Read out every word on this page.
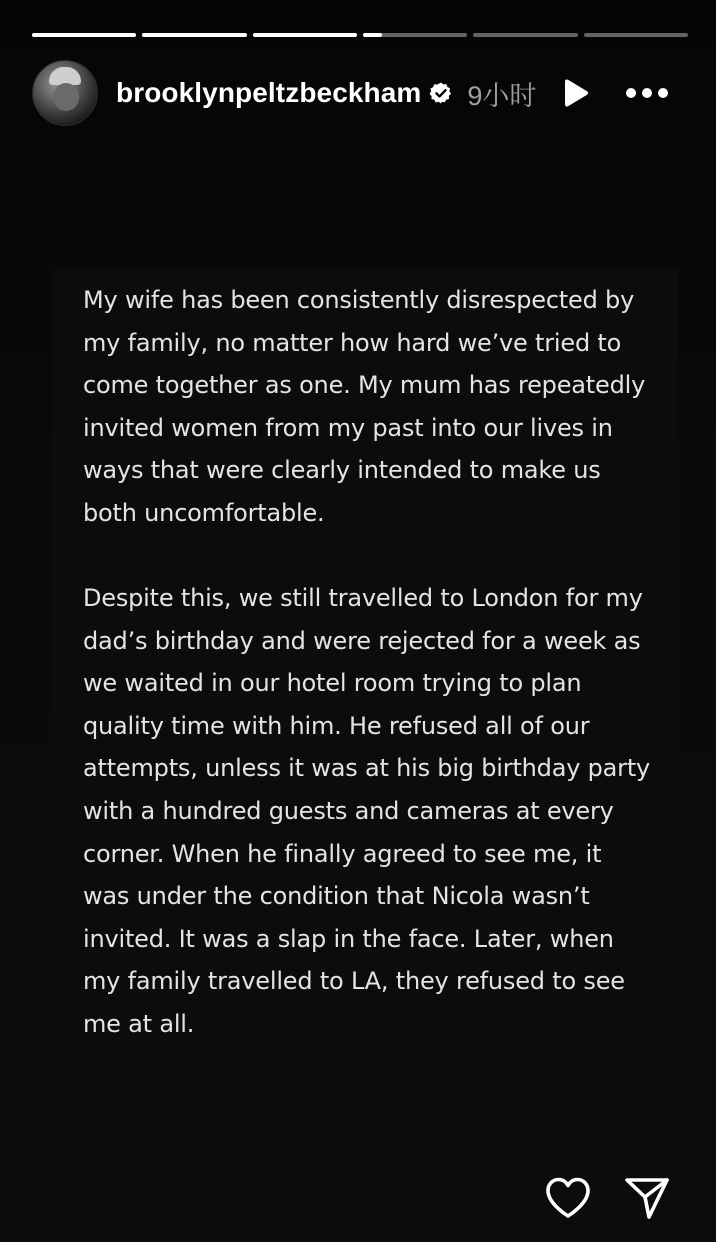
brooklynpeltzbeckham 9小时

My wife has been consistently disrespected by my family, no matter how hard we’ve tried to come together as one. My mum has repeatedly invited women from my past into our lives in ways that were clearly intended to make us both uncomfortable.

Despite this, we still travelled to London for my dad’s birthday and were rejected for a week as we waited in our hotel room trying to plan quality time with him. He refused all of our attempts, unless it was at his big birthday party with a hundred guests and cameras at every corner. When he finally agreed to see me, it was under the condition that Nicola wasn’t invited. It was a slap in the face. Later, when my family travelled to LA, they refused to see me at all.
